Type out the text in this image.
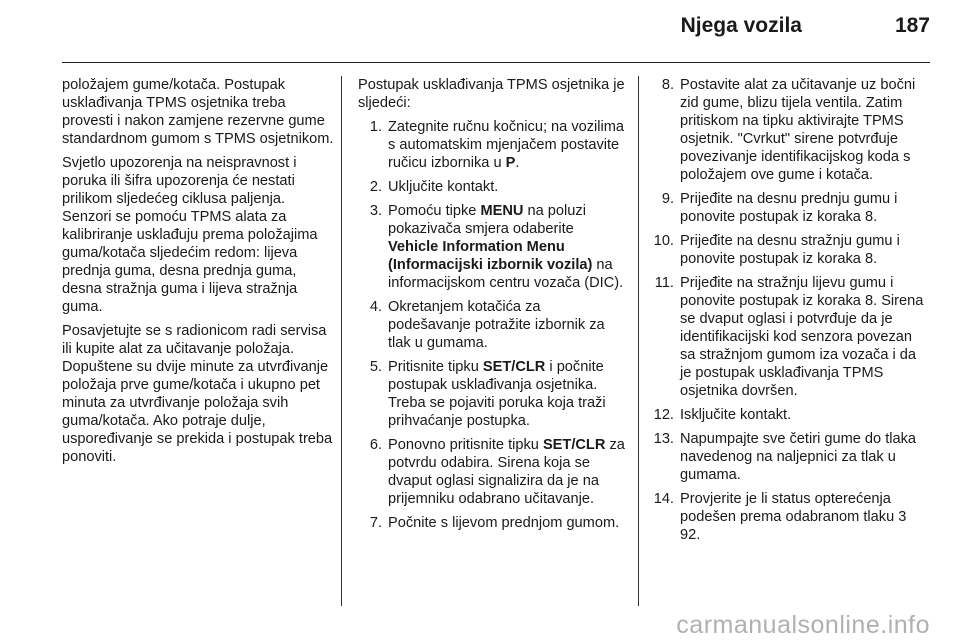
Njega vozila	187

položajem gume/kotača. Postupak usklađivanja TPMS osjetnika treba provesti i nakon zamjene rezervne gume standardnom gumom s TPMS osjetnikom.

Svjetlo upozorenja na neispravnost i poruka ili šifra upozorenja će nestati prilikom sljedećeg ciklusa paljenja. Senzori se pomoću TPMS alata za kalibriranje usklađuju prema položajima guma/kotača sljedećim redom: lijeva prednja guma, desna prednja guma, desna stražnja guma i lijeva stražnja guma.

Posavjetujte se s radionicom radi servisa ili kupite alat za učitavanje položaja. Dopuštene su dvije minute za utvrđivanje položaja prve gume/kotača i ukupno pet minuta za utvrđivanje položaja svih guma/kotača. Ako potraje dulje, uspoređivanje se prekida i postupak treba ponoviti.

Postupak usklađivanja TPMS osjetnika je sljedeći:

1. Zategnite ručnu kočnicu; na vozilima s automatskim mjenjačem postavite ručicu izbornika u P.
2. Uključite kontakt.
3. Pomoću tipke MENU na poluzi pokazivača smjera odaberite Vehicle Information Menu (Informacijski izbornik vozila) na informacijskom centru vozača (DIC).
4. Okretanjem kotačića za podešavanje potražite izbornik za tlak u gumama.
5. Pritisnite tipku SET/CLR i počnite postupak usklađivanja osjetnika. Treba se pojaviti poruka koja traži prihvaćanje postupka.
6. Ponovno pritisnite tipku SET/CLR za potvrdu odabira. Sirena koja se dvaput oglasi signalizira da je na prijemniku odabrano učitavanje.
7. Počnite s lijevom prednjom gumom.
8. Postavite alat za učitavanje uz bočni zid gume, blizu tijela ventila. Zatim pritiskom na tipku aktivirajte TPMS osjetnik. "Cvrkut" sirene potvrđuje povezivanje identifikacijskog koda s položajem ove gume i kotača.
9. Prijeđite na desnu prednju gumu i ponovite postupak iz koraka 8.
10. Prijeđite na desnu stražnju gumu i ponovite postupak iz koraka 8.
11. Prijeđite na stražnju lijevu gumu i ponovite postupak iz koraka 8. Sirena se dvaput oglasi i potvrđuje da je identifikacijski kod senzora povezan sa stražnjom gumom iza vozača i da je postupak usklađivanja TPMS osjetnika dovršen.
12. Isključite kontakt.
13. Napumpajte sve četiri gume do tlaka navedenog na naljepnici za tlak u gumama.
14. Provjerite je li status opterećenja podešen prema odabranom tlaku 3 92.
carmanualsonline.info
